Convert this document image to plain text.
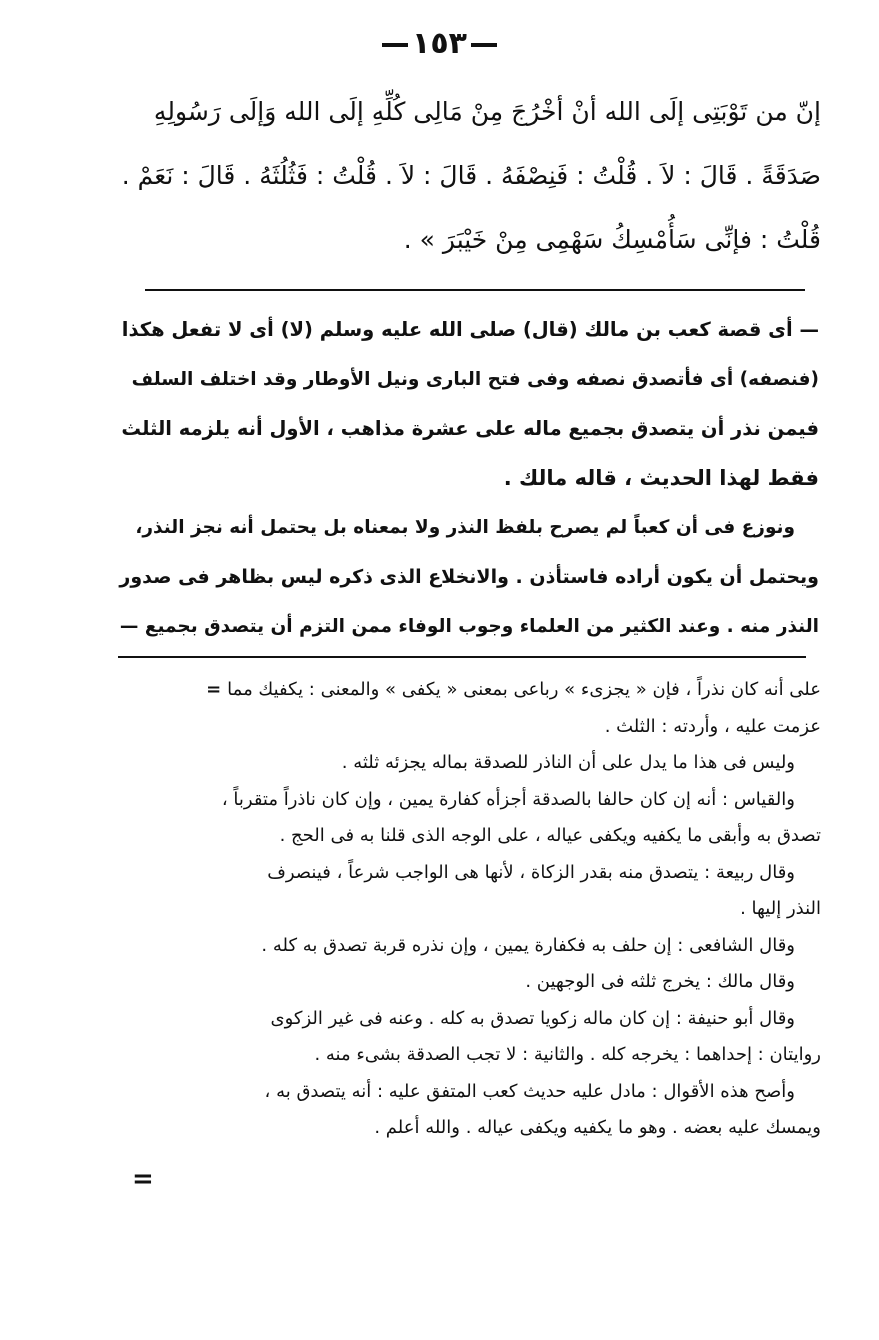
١٥٣
إنّ من تَوْبَتِى إلَى الله أنْ أخْرُجَ مِنْ مَالِى كُلِّهِ إلَى الله وَإلَى رَسُولِهِ
صَدَقَةً . قَالَ : لاَ . قُلْتُ : فَنِصْفَهُ . قَالَ : لاَ . قُلْتُ : فَثُلُثَهُ . قَالَ : نَعَمْ .
قُلْتُ : فإنِّى سَأُمْسِكُ سَهْمِى مِنْ خَيْبَرَ » .
— أى قصة كعب بن مالك (قال) صلى الله عليه وسلم (لا) أى لا تفعل هكذا
(فنصفه) أى فأتصدق نصفه وفى فتح البارى ونيل الأوطار وقد اختلف السلف
فيمن نذر أن يتصدق بجميع ماله على عشرة مذاهب ، الأول أنه يلزمه الثلث
فقط لهذا الحديث ، قاله مالك .
ونوزع فى أن كعباً لم يصرح بلفظ النذر ولا بمعناه بل يحتمل أنه نجز النذر،
ويحتمل أن يكون أراده فاستأذن . والانخلاع الذى ذكره ليس بظاهر فى صدور
النذر منه . وعند الكثير من العلماء وجوب الوفاء ممن التزم أن يتصدق بجميع —
على أنه كان نذراً ، فإن « يجزىء » رباعى بمعنى « يكفى » والمعنى : يكفيك مما=
عزمت عليه ، وأردته : الثلث .
وليس فى هذا ما يدل على أن الناذر للصدقة بماله يجزئه ثلثه .
والقياس : أنه إن كان حالفا بالصدقة أجزأه كفارة يمين ، وإن كان ناذراً متقرباً ،
تصدق به وأبقى ما يكفيه ويكفى عياله ، على الوجه الذى قلنا به فى الحج .
وقال ربيعة : يتصدق منه بقدر الزكاة ، لأنها هى الواجب شرعاً ، فينصرف
النذر إليها .
وقال الشافعى : إن حلف به فكفارة يمين ، وإن نذره قربة تصدق به كله .
وقال مالك : يخرج ثلثه فى الوجهين .
وقال أبو حنيفة : إن كان ماله زكويا تصدق به كله . وعنه فى غير الزكوى
روايتان : إحداهما : يخرجه كله . والثانية : لا تجب الصدقة بشىء منه .
وأصح هذه الأقوال : مادل عليه حديث كعب المتفق عليه : أنه يتصدق به ،
ويمسك عليه بعضه . وهو ما يكفيه ويكفى عياله . والله أعلم .
=
